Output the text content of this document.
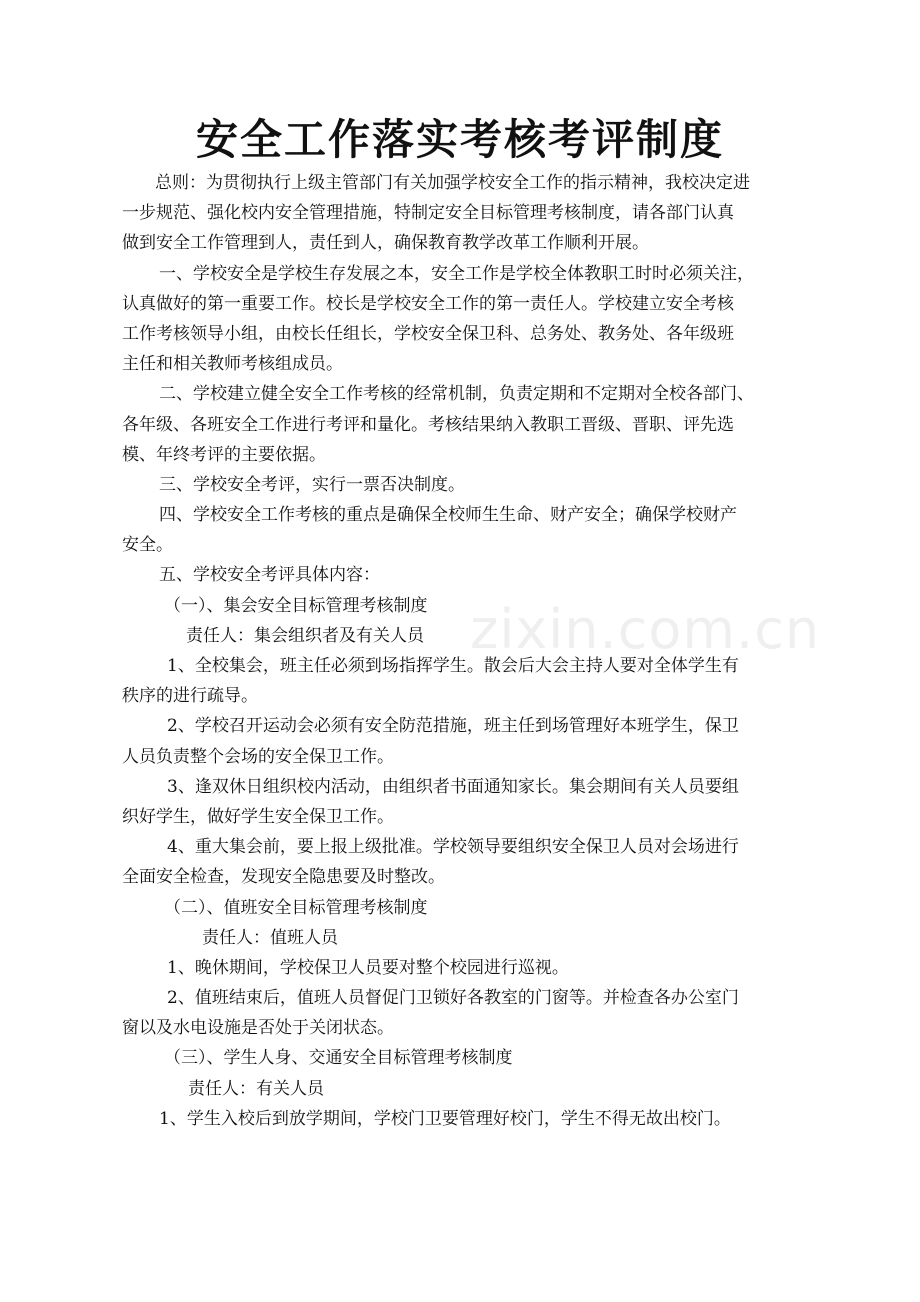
安全工作落实考核考评制度
zixin.com.cn
总则：为贯彻执行上级主管部门有关加强学校安全工作的指示精神，我校决定进
一步规范、强化校内安全管理措施，特制定安全目标管理考核制度，请各部门认真
做到安全工作管理到人，责任到人，确保教育教学改革工作顺利开展。
一、学校安全是学校生存发展之本，安全工作是学校全体教职工时时必须关注，
认真做好的第一重要工作。校长是学校安全工作的第一责任人。学校建立安全考核
工作考核领导小组，由校长任组长，学校安全保卫科、总务处、教务处、各年级班
主任和相关教师考核组成员。
二、学校建立健全安全工作考核的经常机制，负责定期和不定期对全校各部门、
各年级、各班安全工作进行考评和量化。考核结果纳入教职工晋级、晋职、评先选
模、年终考评的主要依据。
三、学校安全考评，实行一票否决制度。
四、学校安全工作考核的重点是确保全校师生生命、财产安全；确保学校财产
安全。
五、学校安全考评具体内容：
（一）、集会安全目标管理考核制度
责任人：集会组织者及有关人员
1、全校集会，班主任必须到场指挥学生。散会后大会主持人要对全体学生有
秩序的进行疏导。
2、学校召开运动会必须有安全防范措施，班主任到场管理好本班学生，保卫
人员负责整个会场的安全保卫工作。
3、逢双休日组织校内活动，由组织者书面通知家长。集会期间有关人员要组
织好学生，做好学生安全保卫工作。
4、重大集会前，要上报上级批准。学校领导要组织安全保卫人员对会场进行
全面安全检查，发现安全隐患要及时整改。
（二）、值班安全目标管理考核制度
责任人：值班人员
1、晚休期间，学校保卫人员要对整个校园进行巡视。
2、值班结束后，值班人员督促门卫锁好各教室的门窗等。并检查各办公室门
窗以及水电设施是否处于关闭状态。
（三）、学生人身、交通安全目标管理考核制度
责任人：有关人员
1、学生入校后到放学期间，学校门卫要管理好校门，学生不得无故出校门。
